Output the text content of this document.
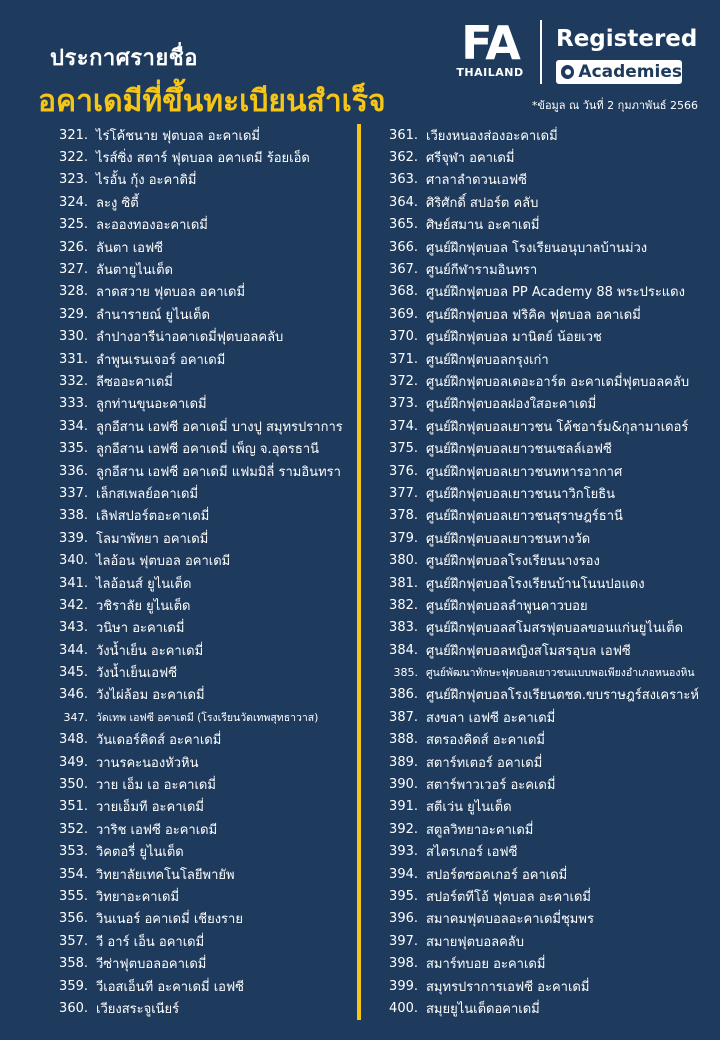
ประกาศรายชื่อ
อคาเดมีที่ขึ้นทะเบียนสำเร็จ
FA
THAILAND
Registered
Academies
*ข้อมูล ณ วันที่ 2 กุมภาพันธ์ 2566
321. ไร่โค้ชนาย ฟุตบอล อะคาเดมี่
322. ไรส์ซิ่ง สตาร์ ฟุตบอล อคาเดมี ร้อยเอ็ด
323. ไรอั้น กุ้ง อะคาดิมี่
324. ละงู ซิตี้
325. ละอองทองอะคาเดมี่
326. ลันตา เอฟซี
327. ลันตายูไนเต็ด
328. ลาดสวาย ฟุตบอล อคาเดมี่
329. ลำนารายณ์ ยูไนเต็ด
330. ลำปางอารีน่าอคาเดมี่ฟุตบอลคลับ
331. ลำพูนเรนเจอร์ อคาเดมี
332. ลีซออะคาเดมี่
333. ลูกท่านขุนอะคาเดมี่
334. ลูกอีสาน เอฟซี อคาเดมี่ บางปู สมุทรปราการ
335. ลูกอีสาน เอฟซี อคาเดมี่ เพ็ญ จ.อุดรธานี
336. ลูกอีสาน เอฟซี อคาเดมี แฟมมิลี่ รามอินทรา
337. เล็กสเพลย์อคาเดมี่
338. เลิฟสปอร์ตอะคาเดมี่
339. โลมาพัทยา อคาเดมี่
340. ไลอ้อน ฟุตบอล อคาเดมี
341. ไลอ้อนส์ ยูไนเต็ด
342. วชิราลัย ยูไนเต็ด
343. วนิษา อะคาเดมี่
344. วังน้ำเย็น อะคาเดมี่
345. วังน้ำเย็นเอฟซี
346. วังไผ่ล้อม อะคาเดมี่
347. วัดเทพ เอฟซี อคาเดมี (โรงเรียนวัดเทพสุทธาวาส)
348. วันเดอร์คิดส์ อะคาเดมี่
349. วานรคะนองหัวหิน
350. วาย เอ็ม เอ อะคาเดมี่
351. วายเอ็มที อะคาเดมี่
352. วาริช เอฟซี อะคาเดมี
353. วิคตอรี่ ยูไนเต็ด
354. วิทยาลัยเทคโนโลยีพายัพ
355. วิทยาอะคาเดมี่
356. วินเนอร์ อคาเดมี่ เชียงราย
357. วี อาร์ เอ็น อคาเดมี่
358. วีซ่าฟุตบอลอคาเดมี่
359. วีเอสเอ็นที อะคาเดมี่ เอฟซี
360. เวียงสระจูเนียร์
361. เวียงหนองส่องอะคาเดมี่
362. ศรีจุฬา อคาเดมี่
363. ศาลาลำดวนเอฟซี
364. ศิริศักดิ์ สปอร์ต คลับ
365. ศิษย์สมาน อะคาเดมี่
366. ศูนย์ฝึกฟุตบอล โรงเรียนอนุบาลบ้านม่วง
367. ศูนย์กีฬารามอินทรา
368. ศูนย์ฝึกฟุตบอล PP Academy 88 พระประแดง
369. ศูนย์ฝึกฟุตบอล ฟริคิค ฟุตบอล อคาเดมี่
370. ศูนย์ฝึกฟุตบอล มานิตย์ น้อยเวช
371. ศูนย์ฝึกฟุตบอลกรุงเก่า
372. ศูนย์ฝึกฟุตบอลเดอะอาร์ต อะคาเดมี่ฟุตบอลคลับ
373. ศูนย์ฝึกฟุตบอลฝองใสอะคาเดมี่
374. ศูนย์ฝึกฟุตบอลเยาวชน โค้ชอาร์ม&กุลามาเดอร์
375. ศูนย์ฝึกฟุตบอลเยาวชนเซลล์เอฟซี
376. ศูนย์ฝึกฟุตบอลเยาวชนทหารอากาศ
377. ศูนย์ฝึกฟุตบอลเยาวชนนาวิกโยธิน
378. ศูนย์ฝึกฟุตบอลเยาวชนสุราษฎร์ธานี
379. ศูนย์ฝึกฟุตบอลเยาวชนหางวัด
380. ศูนย์ฝึกฟุตบอลโรงเรียนนางรอง
381. ศูนย์ฝึกฟุตบอลโรงเรียนบ้านโนนปอแดง
382. ศูนย์ฝึกฟุตบอลลำพูนคาวบอย
383. ศูนย์ฝึกฟุตบอลสโมสรฟุตบอลขอนแก่นยูไนเต็ด
384. ศูนย์ฝึกฟุตบอลหญิงสโมสรอุบล เอฟซี
385. ศูนย์พัฒนาทักษะฟุตบอลเยาวชนแบบพอเพียงอำเภอหนองหิน
386. ศูนย์ฝึกฟุตบอลโรงเรียนตชด.ขบราษฎร์สงเคราะห์
387. สงขลา เอฟซี อะคาเดมี่
388. สตรองคิดส์ อะคาเดมี่
389. สตาร์ทเตอร์ อคาเดมี่
390. สตาร์พาวเวอร์ อะคเดมี่
391. สตีเว่น ยูไนเต็ด
392. สตูลวิทยาอะคาเดมี่
393. สไตรเกอร์ เอฟซี
394. สปอร์ตซอคเกอร์ อคาเดมี่
395. สปอร์ตทีโอ้ ฟุตบอล อะคาเดมี่
396. สมาคมฟุตบอลอะคาเดมี่ชุมพร
397. สมายฟุตบอลคลับ
398. สมาร์ทบอย อะคาเดมี่
399. สมุทรปราการเอฟซี อะคาเดมี่
400. สมุยยูไนเต็ดอคาเดมี่
